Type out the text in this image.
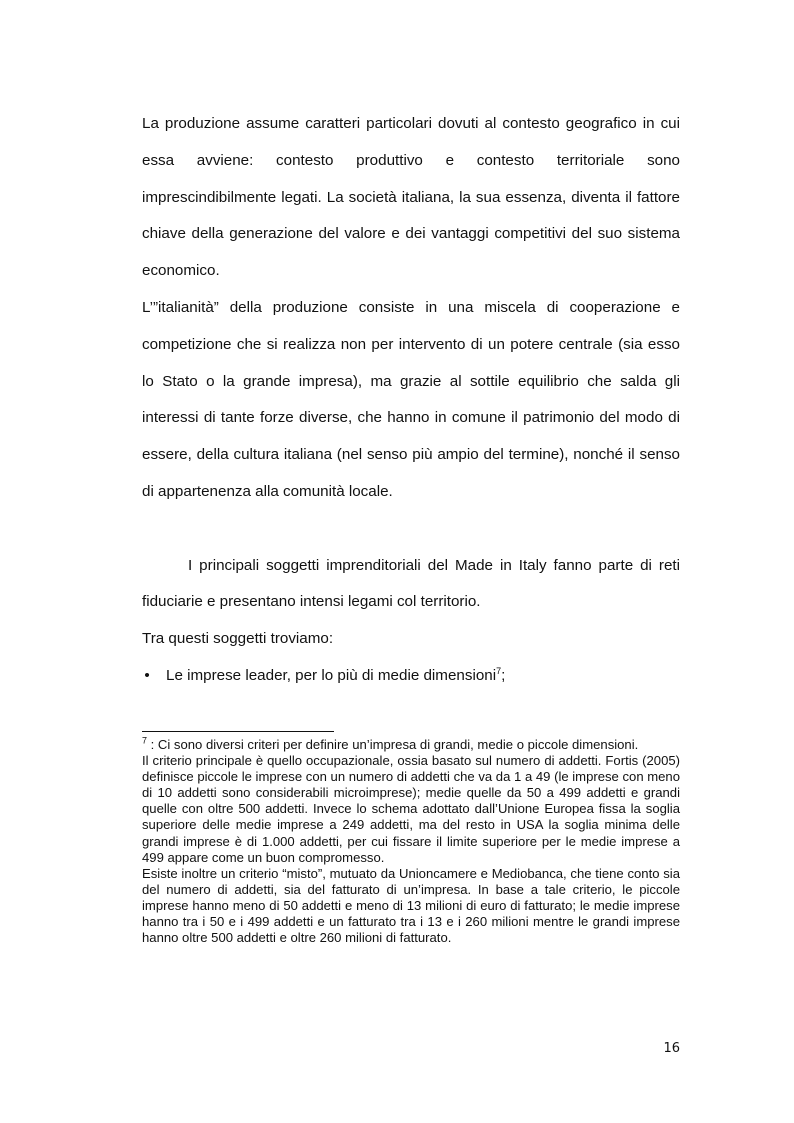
La produzione assume caratteri particolari dovuti al contesto geografico in cui essa avviene: contesto produttivo e contesto territoriale sono imprescindibilmente legati. La società italiana, la sua essenza, diventa il fattore chiave della generazione del valore e dei vantaggi competitivi del suo sistema economico.

L’”italianità” della produzione consiste in una miscela di cooperazione e competizione che si realizza non per intervento di un potere centrale (sia esso lo Stato o la grande impresa), ma grazie al sottile equilibrio che salda gli interessi di tante forze diverse, che hanno in comune il patrimonio del modo di essere, della cultura italiana (nel senso più ampio del termine), nonché il senso di appartenenza alla comunità locale.

I principali soggetti imprenditoriali del Made in Italy fanno parte di reti fiduciarie e presentano intensi legami col territorio.

Tra questi soggetti troviamo:

• Le imprese leader, per lo più di medie dimensioni$^7$;

$^7$ : Ci sono diversi criteri per definire un’impresa di grandi, medie o piccole dimensioni.

Il criterio principale è quello occupazionale, ossia basato sul numero di addetti. Fortis (2005) definisce piccole le imprese con un numero di addetti che va da 1 a 49 (le imprese con meno di 10 addetti sono considerabili microimprese); medie quelle da 50 a 499 addetti e grandi quelle con oltre 500 addetti. Invece lo schema adottato dall’Unione Europea fissa la soglia superiore delle medie imprese a 249 addetti, ma del resto in USA la soglia minima delle grandi imprese è di 1.000 addetti, per cui fissare il limite superiore per le medie imprese a 499 appare come un buon compromesso.

Esiste inoltre un criterio “misto”, mutuato da Unioncamere e Mediobanca, che tiene conto sia del numero di addetti, sia del fatturato di un’impresa. In base a tale criterio, le piccole imprese hanno meno di 50 addetti e meno di 13 milioni di euro di fatturato; le medie imprese hanno tra i 50 e i 499 addetti e un fatturato tra i 13 e i 260 milioni mentre le grandi imprese hanno oltre 500 addetti e oltre 260 milioni di fatturato.

16
